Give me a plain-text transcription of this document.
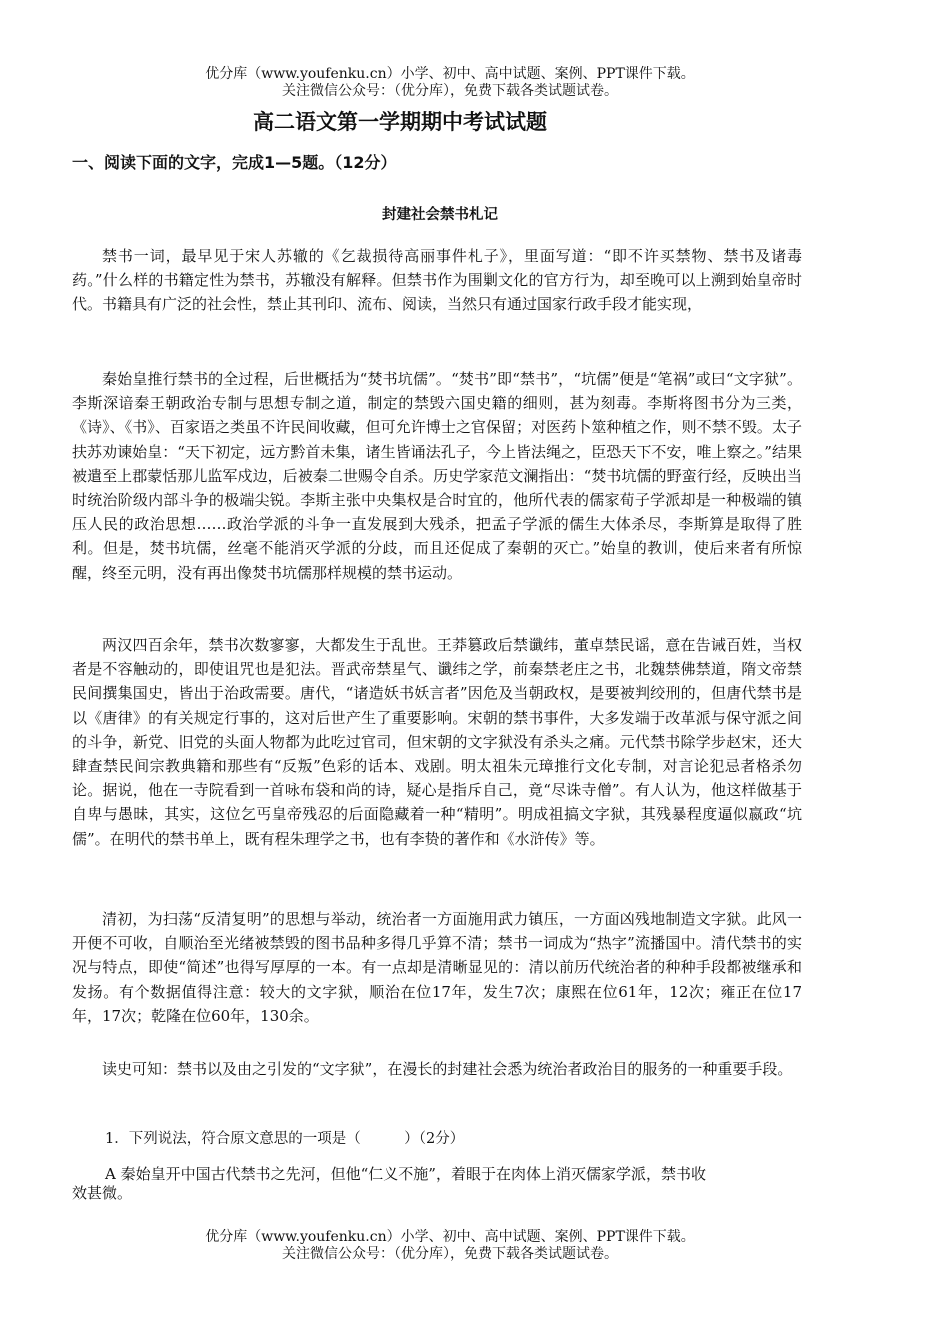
优分库（www.youfenku.cn）小学、初中、高中试题、案例、PPT课件下载。
关注微信公众号：（优分库），免费下载各类试题试卷。
高二语文第一学期期中考试试题
一、阅读下面的文字，完成1—5题。（12分）
封建社会禁书札记

禁书一词，最早见于宋人苏辙的《乞裁损待高丽事件札子》，里面写道：“即不许买禁物、禁书及诸毒药。”什么样的书籍定性为禁书，苏辙没有解释。但禁书作为围剿文化的官方行为，却至晚可以上溯到始皇帝时代。书籍具有广泛的社会性，禁止其刊印、流布、阅读，当然只有通过国家行政手段才能实现，

秦始皇推行禁书的全过程，后世概括为“焚书坑儒”。“焚书”即“禁书”，“坑儒”便是“笔祸”或曰“文字狱”。李斯深谙秦王朝政治专制与思想专制之道，制定的禁毁六国史籍的细则，甚为刻毒。李斯将图书分为三类，《诗》、《书》、百家语之类虽不许民间收藏，但可允许博士之官保留；对医药卜筮种植之作，则不禁不毁。太子扶苏劝谏始皇：“天下初定，远方黔首未集，诸生皆诵法孔子，今上皆法绳之，臣恐天下不安，唯上察之。”结果被遣至上郡蒙恬那儿监军戍边，后被秦二世赐令自杀。历史学家范文澜指出：“焚书坑儒的野蛮行经，反映出当时统治阶级内部斗争的极端尖锐。李斯主张中央集权是合时宜的，他所代表的儒家荀子学派却是一种极端的镇压人民的政治思想……政治学派的斗争一直发展到大残杀，把孟子学派的儒生大体杀尽，李斯算是取得了胜利。但是，焚书坑儒，丝毫不能消灭学派的分歧，而且还促成了秦朝的灭亡。”始皇的教训，使后来者有所惊醒，终至元明，没有再出像焚书坑儒那样规模的禁书运动。

两汉四百余年，禁书次数寥寥，大都发生于乱世。王莽篡政后禁谶纬，董卓禁民谣，意在告诫百姓，当权者是不容触动的，即使诅咒也是犯法。晋武帝禁星气、谶纬之学，前秦禁老庄之书，北魏禁佛禁道，隋文帝禁民间撰集国史，皆出于治政需要。唐代，“诸造妖书妖言者”因危及当朝政权，是要被判绞刑的，但唐代禁书是以《唐律》的有关规定行事的，这对后世产生了重要影响。宋朝的禁书事件，大多发端于改革派与保守派之间的斗争，新党、旧党的头面人物都为此吃过官司，但宋朝的文字狱没有杀头之痛。元代禁书除学步赵宋，还大肆查禁民间宗教典籍和那些有“反叛”色彩的话本、戏剧。明太祖朱元璋推行文化专制，对言论犯忌者格杀勿论。据说，他在一寺院看到一首咏布袋和尚的诗，疑心是指斥自己，竟“尽诛寺僧”。有人认为，他这样做基于自卑与愚昧，其实，这位乞丐皇帝残忍的后面隐藏着一种“精明”。明成祖搞文字狱，其残暴程度逼似嬴政“坑儒”。在明代的禁书单上，既有程朱理学之书，也有李贽的著作和《水浒传》等。

清初，为扫荡“反清复明”的思想与举动，统治者一方面施用武力镇压，一方面凶残地制造文字狱。此风一开便不可收，自顺治至光绪被禁毁的图书品种多得几乎算不清；禁书一词成为“热字”流播国中。清代禁书的实况与特点，即使“简述”也得写厚厚的一本。有一点却是清晰显见的：清以前历代统治者的种种手段都被继承和发扬。有个数据值得注意：较大的文字狱，顺治在位17年，发生7次；康熙在位61年，12次；雍正在位17年，17次；乾隆在位60年，130余。

读史可知：禁书以及由之引发的“文字狱”，在漫长的封建社会悉为统治者政治目的服务的一种重要手段。

1．下列说法，符合原文意思的一项是（　　　）（2分）
A 秦始皇开中国古代禁书之先河，但他“仁义不施”，着眼于在肉体上消灭儒家学派，禁书收
效甚微。
优分库（www.youfenku.cn）小学、初中、高中试题、案例、PPT课件下载。
关注微信公众号：（优分库），免费下载各类试题试卷。
